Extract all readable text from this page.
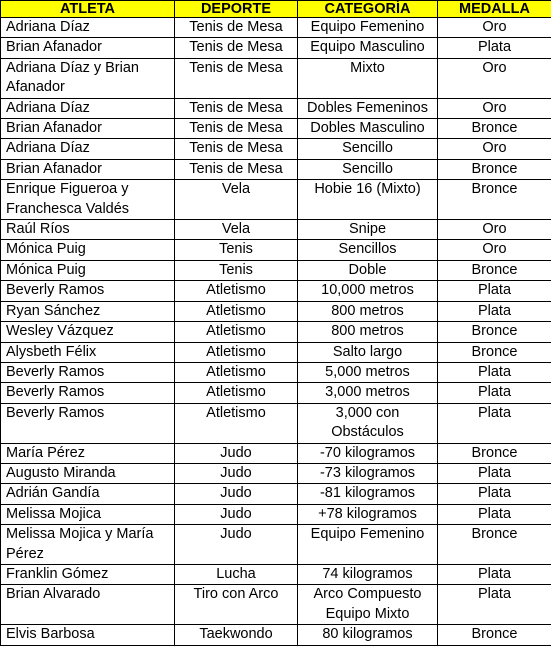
ATLETA	DEPORTE	CATEGORÍA	MEDALLA
Adriana Díaz	Tenis de Mesa	Equipo Femenino	Oro
Brian Afanador	Tenis de Mesa	Equipo Masculino	Plata
Adriana Díaz y Brian Afanador	Tenis de Mesa	Mixto	Oro
Adriana Díaz	Tenis de Mesa	Dobles Femeninos	Oro
Brian Afanador	Tenis de Mesa	Dobles Masculino	Bronce
Adriana Díaz	Tenis de Mesa	Sencillo	Oro
Brian Afanador	Tenis de Mesa	Sencillo	Bronce
Enrique Figueroa y Franchesca Valdés	Vela	Hobie 16 (Mixto)	Bronce
Raúl Ríos	Vela	Snipe	Oro
Mónica Puig	Tenis	Sencillos	Oro
Mónica Puig	Tenis	Doble	Bronce
Beverly Ramos	Atletismo	10,000 metros	Plata
Ryan Sánchez	Atletismo	800 metros	Plata
Wesley Vázquez	Atletismo	800 metros	Bronce
Alysbeth Félix	Atletismo	Salto largo	Bronce
Beverly Ramos	Atletismo	5,000 metros	Plata
Beverly Ramos	Atletismo	3,000 metros	Plata
Beverly Ramos	Atletismo	3,000 con Obstáculos	Plata
María Pérez	Judo	-70 kilogramos	Bronce
Augusto Miranda	Judo	-73 kilogramos	Plata
Adrián Gandía	Judo	-81 kilogramos	Plata
Melissa Mojica	Judo	+78 kilogramos	Plata
Melissa Mojica y María Pérez	Judo	Equipo Femenino	Bronce
Franklin Gómez	Lucha	74 kilogramos	Plata
Brian Alvarado	Tiro con Arco	Arco Compuesto Equipo Mixto	Plata
Elvis Barbosa	Taekwondo	80 kilogramos	Bronce
